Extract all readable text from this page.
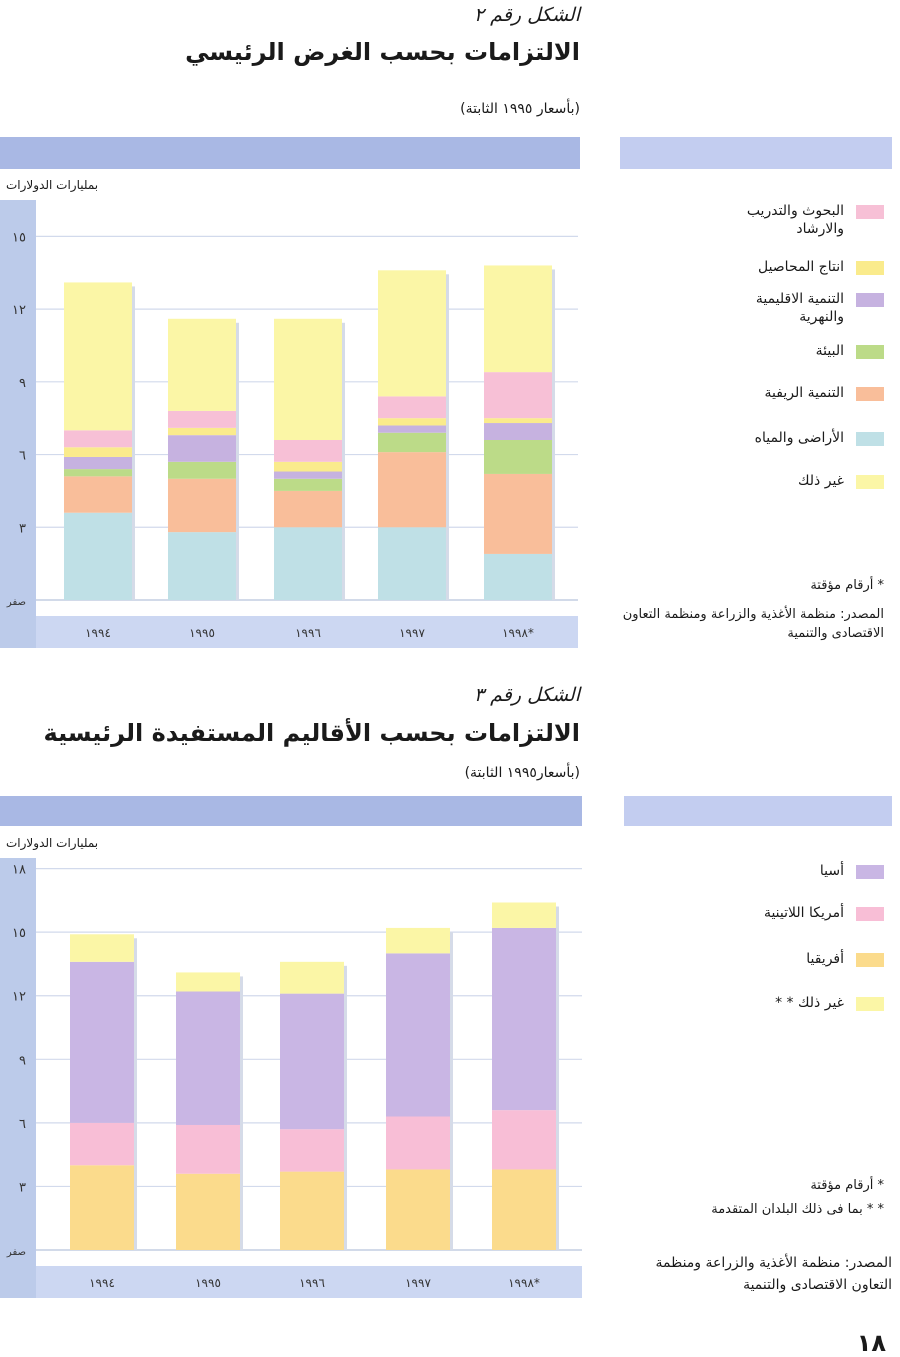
الشكل رقم ٢
الالتزامات بحسب الغرض الرئيسي
(بأسعار ١٩٩٥ الثابتة)
بمليارات الدولارات
صفر
٣
٦
٩
١٢
١٥
١٩٩٤	١٩٩٥	١٩٩٦	١٩٩٧	١٩٩٨*
البحوث والتدريب والارشاد
انتاج المحاصيل
التنمية الاقليمية والنهرية
البيئة
التنمية الريفية
الأراضى والمياه
غير ذلك
* أرقام مؤقتة
المصدر: منظمة الأغذية والزراعة ومنظمة التعاون الاقتصادى والتنمية
الشكل رقم ٣
الالتزامات بحسب الأقاليم المستفيدة الرئيسية
(بأسعار١٩٩٥ الثابتة)
بمليارات الدولارات
صفر
٣
٦
٩
١٢
١٥
١٨
١٩٩٤	١٩٩٥	١٩٩٦	١٩٩٧	١٩٩٨*
أسيا
أمريكا اللاتينية
أفريقيا
غير ذلك * *
* أرقام مؤقتة
* * بما فى ذلك البلدان المتقدمة
المصدر: منظمة الأغذية والزراعة ومنظمة التعاون الاقتصادى والتنمية
١٨
